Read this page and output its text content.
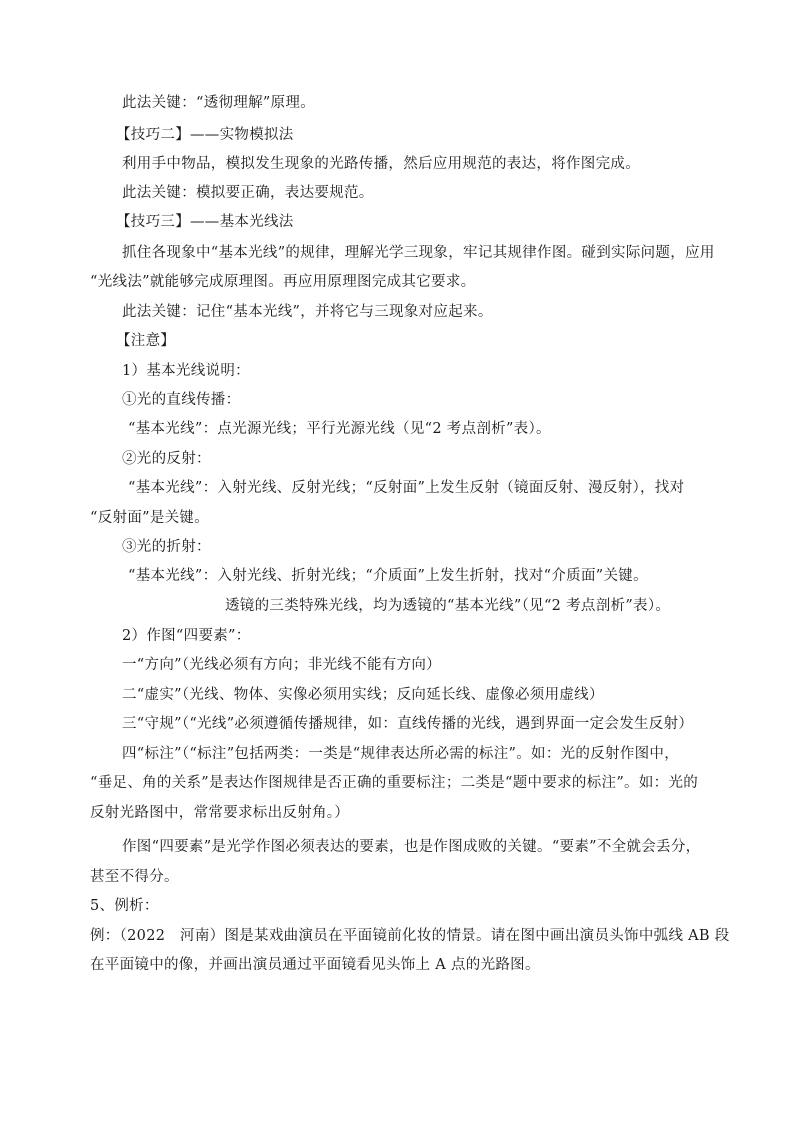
此法关键：“透彻理解”原理。
【技巧二】——实物模拟法
利用手中物品，模拟发生现象的光路传播，然后应用规范的表达，将作图完成。
此法关键：模拟要正确，表达要规范。
【技巧三】——基本光线法
抓住各现象中“基本光线”的规律，理解光学三现象，牢记其规律作图。碰到实际问题，应用
“光线法”就能够完成原理图。再应用原理图完成其它要求。
此法关键：记住“基本光线”，并将它与三现象对应起来。
【注意】
1）基本光线说明：
①光的直线传播：
“基本光线”：点光源光线；平行光源光线（见“2 考点剖析”表）。
②光的反射：
“基本光线”：入射光线、反射光线；“反射面”上发生反射（镜面反射、漫反射），找对
“反射面”是关键。
③光的折射：
“基本光线”：入射光线、折射光线；“介质面”上发生折射，找对“介质面”关键。
透镜的三类特殊光线，均为透镜的“基本光线”（见“2 考点剖析”表）。
2）作图“四要素”：
一“方向”（光线必须有方向；非光线不能有方向）
二“虚实”（光线、物体、实像必须用实线；反向延长线、虚像必须用虚线）
三“守规”（“光线”必须遵循传播规律，如：直线传播的光线，遇到界面一定会发生反射）
四“标注”（“标注”包括两类：一类是“规律表达所必需的标注”。如：光的反射作图中，
“垂足、角的关系”是表达作图规律是否正确的重要标注；二类是“题中要求的标注”。如：光的
反射光路图中，常常要求标出反射角。）
作图“四要素”是光学作图必须表达的要素，也是作图成败的关键。“要素”不全就会丢分，
甚至不得分。
5、例析：
例：（2022　河南）图是某戏曲演员在平面镜前化妆的情景。请在图中画出演员头饰中弧线 AB 段
在平面镜中的像，并画出演员通过平面镜看见头饰上 A 点的光路图。
